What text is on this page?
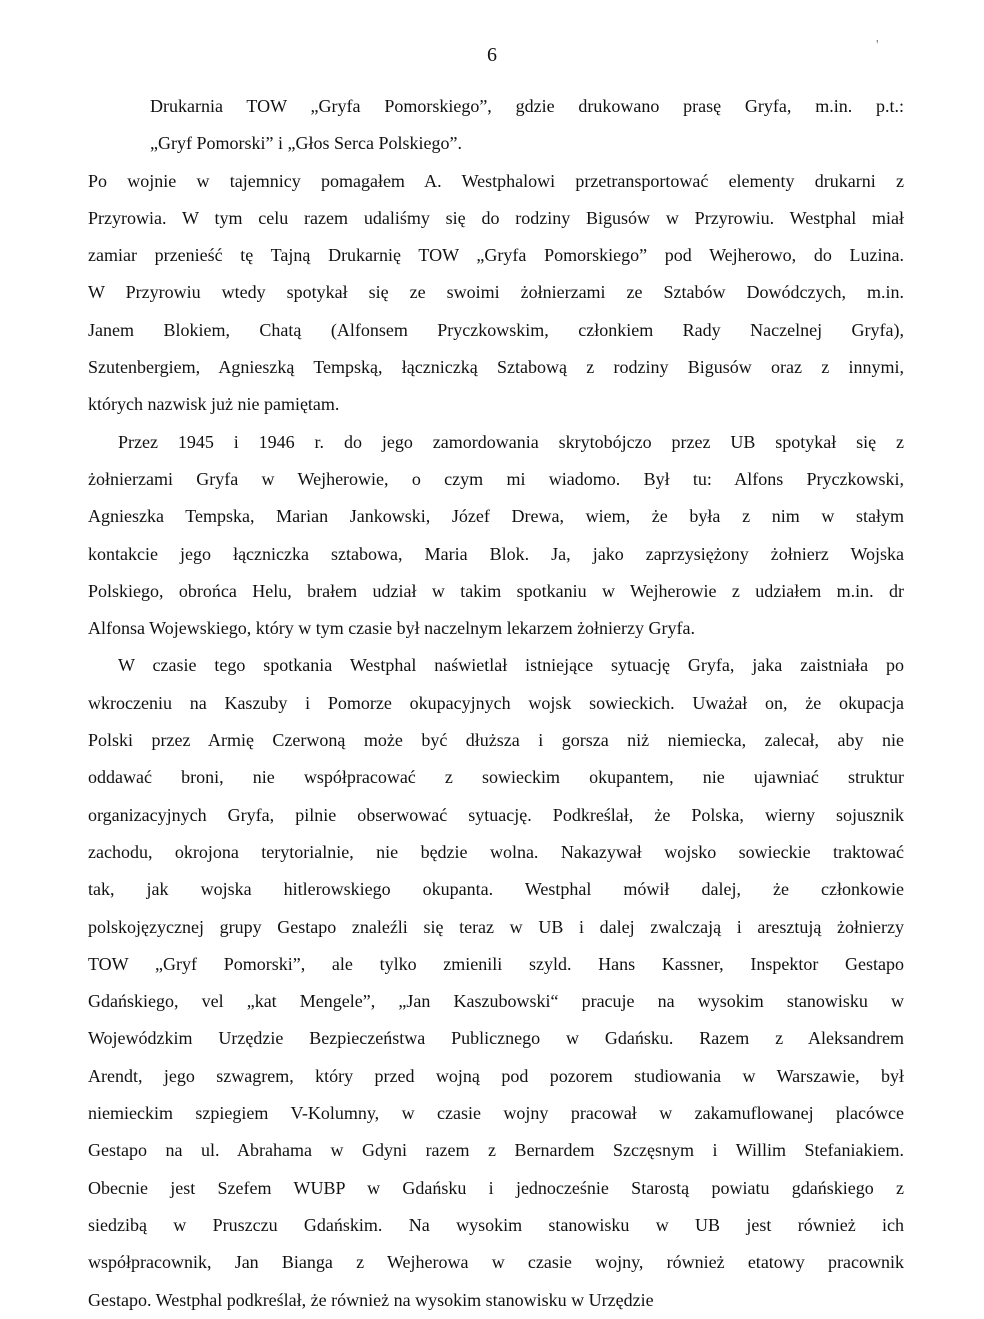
6	'
Drukarnia TOW „Gryfa Pomorskiego”, gdzie drukowano prasę Gryfa, m.in. p.t.:
„Gryf Pomorski” i „Głos Serca Polskiego”.
Po wojnie w tajemnicy pomagałem A. Westphalowi przetransportować elementy drukarni z
Przyrowia. W tym celu razem udaliśmy się do rodziny Bigusów w Przyrowiu. Westphal miał
zamiar przenieść tę Tajną Drukarnię TOW „Gryfa Pomorskiego” pod Wejherowo, do Luzina.
W Przyrowiu wtedy spotykał się ze swoimi żołnierzami ze Sztabów Dowódczych, m.in.
Janem Blokiem, Chatą (Alfonsem Pryczkowskim, członkiem Rady Naczelnej Gryfa),
Szutenbergiem, Agnieszką Tempską, łączniczką Sztabową z rodziny Bigusów oraz z innymi,
których nazwisk już nie pamiętam.
Przez 1945 i 1946 r. do jego zamordowania skrytobójczo przez UB spotykał się z
żołnierzami Gryfa w Wejherowie, o czym mi wiadomo. Był tu: Alfons Pryczkowski,
Agnieszka Tempska, Marian Jankowski, Józef Drewa, wiem, że była z nim w stałym
kontakcie jego łączniczka sztabowa, Maria Blok. Ja, jako zaprzysiężony żołnierz Wojska
Polskiego, obrońca Helu, brałem udział w takim spotkaniu w Wejherowie z udziałem m.in. dr
Alfonsa Wojewskiego, który w tym czasie był naczelnym lekarzem żołnierzy Gryfa.
W czasie tego spotkania Westphal naświetlał istniejące sytuację Gryfa, jaka zaistniała po
wkroczeniu na Kaszuby i Pomorze okupacyjnych wojsk sowieckich. Uważał on, że okupacja
Polski przez Armię Czerwoną może być dłuższa i gorsza niż niemiecka, zalecał, aby nie
oddawać broni, nie współpracować z sowieckim okupantem, nie ujawniać struktur
organizacyjnych Gryfa, pilnie obserwować sytuację. Podkreślał, że Polska, wierny sojusznik
zachodu, okrojona terytorialnie, nie będzie wolna. Nakazywał wojsko sowieckie traktować
tak, jak wojska hitlerowskiego okupanta. Westphal mówił dalej, że członkowie
polskojęzycznej grupy Gestapo znaleźli się teraz w UB i dalej zwalczają i aresztują żołnierzy
TOW „Gryf Pomorski”, ale tylko zmienili szyld. Hans Kassner, Inspektor Gestapo
Gdańskiego, vel „kat Mengele”, „Jan Kaszubowski“ pracuje na wysokim stanowisku w
Wojewódzkim Urzędzie Bezpieczeństwa Publicznego w Gdańsku. Razem z Aleksandrem
Arendt, jego szwagrem, który przed wojną pod pozorem studiowania w Warszawie, był
niemieckim szpiegiem V-Kolumny, w czasie wojny pracował w zakamuflowanej placówce
Gestapo na ul. Abrahama w Gdyni razem z Bernardem Szczęsnym i Willim Stefaniakiem.
Obecnie jest Szefem WUBP w Gdańsku i jednocześnie Starostą powiatu gdańskiego z
siedzibą w Pruszczu Gdańskim. Na wysokim stanowisku w UB jest również ich
współpracownik, Jan Bianga z Wejherowa w czasie wojny, również etatowy pracownik
Gestapo. Westphal podkreślał, że również na wysokim stanowisku w Urzędzie
